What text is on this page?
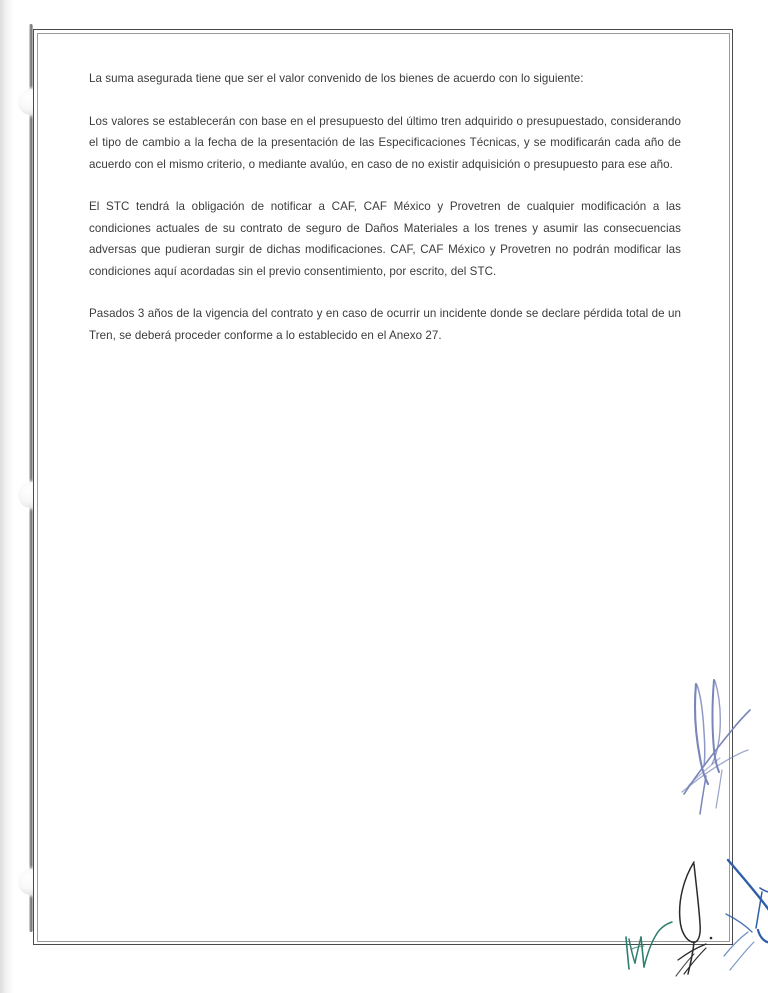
La suma asegurada tiene que ser el valor convenido de los bienes de acuerdo con lo siguiente:

Los valores se establecerán con base en el presupuesto del último tren adquirido o presupuestado, considerando el tipo de cambio a la fecha de la presentación de las Especificaciones Técnicas, y se modificarán cada año de acuerdo con el mismo criterio, o mediante avalúo, en caso de no existir adquisición o presupuesto para ese año.

El STC tendrá la obligación de notificar a CAF, CAF México y Provetren de cualquier modificación a las condiciones actuales de su contrato de seguro de Daños Materiales a los trenes y asumir las consecuencias adversas que pudieran surgir de dichas modificaciones. CAF, CAF México y Provetren no podrán modificar las condiciones aquí acordadas sin el previo consentimiento, por escrito, del STC.

Pasados 3 años de la vigencia del contrato y en caso de ocurrir un incidente donde se declare pérdida total de un Tren, se deberá proceder conforme a lo establecido en el Anexo 27.
